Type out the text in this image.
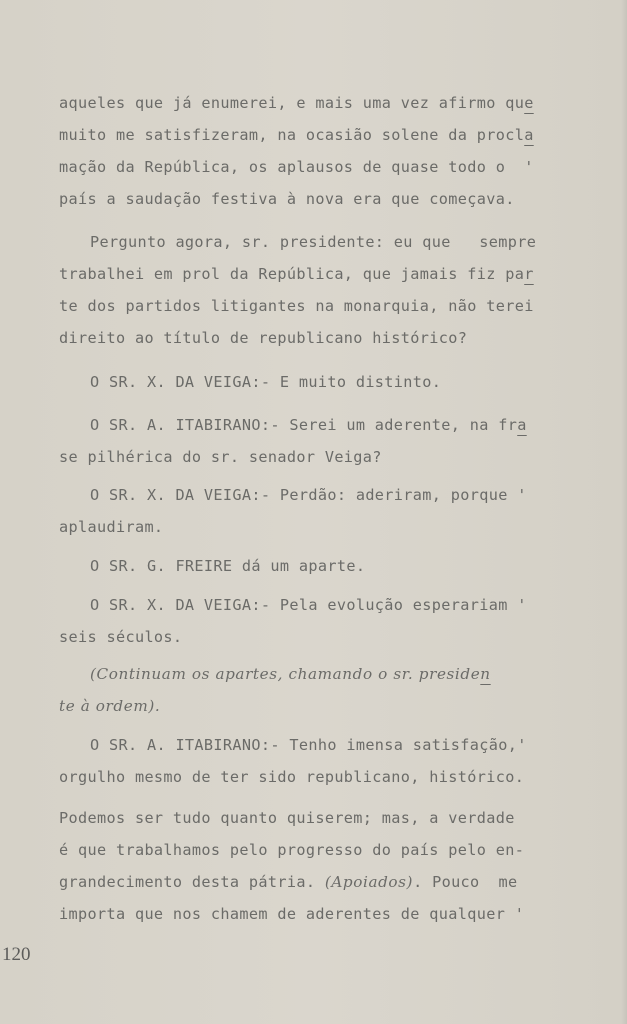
aqueles que já enumerei, e mais uma vez afirmo que
muito me satisfizeram, na ocasião solene da procla
mação da República, os aplausos de quase todo o  '
país a saudação festiva à nova era que começava.
Pergunto agora, sr. presidente: eu que   sempre
trabalhei em prol da República, que jamais fiz par
te dos partidos litigantes na monarquia, não terei
direito ao título de republicano histórico?
O SR. X. DA VEIGA:- E muito distinto.
O SR. A. ITABIRANO:- Serei um aderente, na fra
se pilhérica do sr. senador Veiga?
O SR. X. DA VEIGA:- Perdão: aderiram, porque '
aplaudiram.
O SR. G. FREIRE dá um aparte.
O SR. X. DA VEIGA:- Pela evolução esperariam '
seis séculos.
(Continuam os apartes, chamando o sr. presiden
te à ordem).
O SR. A. ITABIRANO:- Tenho imensa satisfação,'
orgulho mesmo de ter sido republicano, histórico.
Podemos ser tudo quanto quiserem; mas, a verdade
é que trabalhamos pelo progresso do país pelo en-
grandecimento desta pátria. (Apoiados). Pouco  me
importa que nos chamem de aderentes de qualquer '
120
